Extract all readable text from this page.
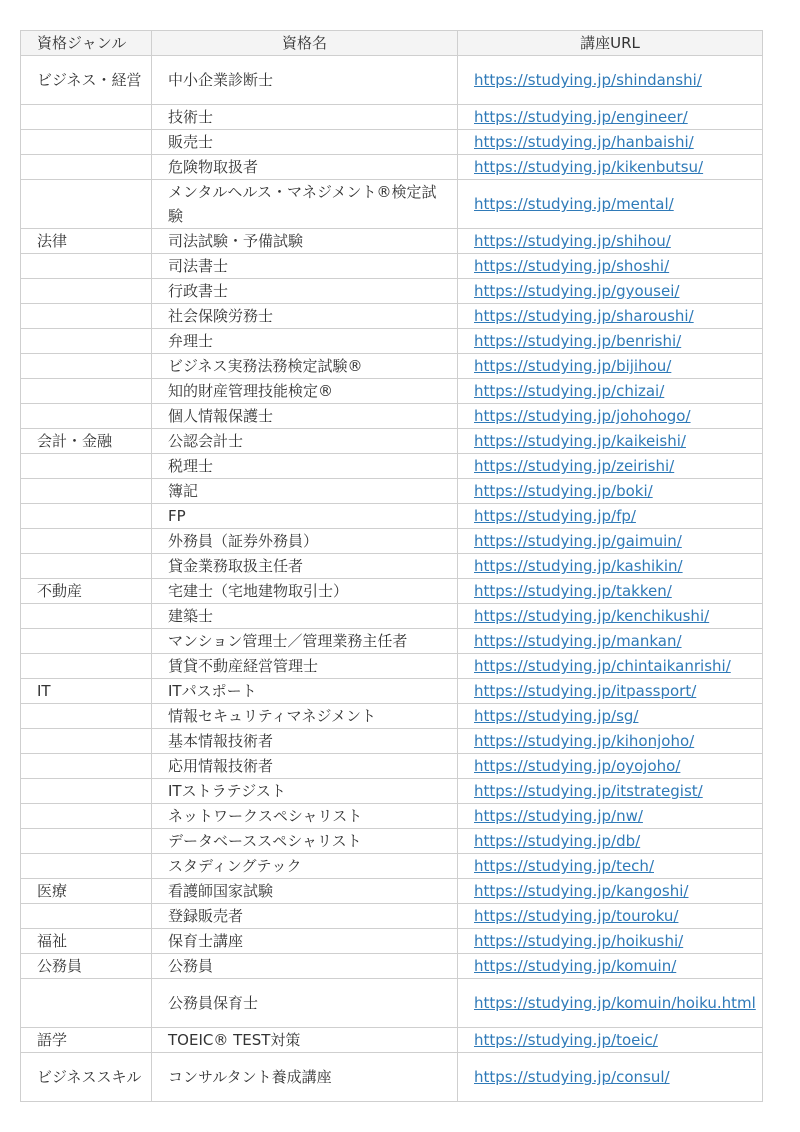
資格ジャンル	資格名	講座URL
ビジネス・経営	中小企業診断士	https://studying.jp/shindanshi/
	技術士	https://studying.jp/engineer/
	販売士	https://studying.jp/hanbaishi/
	危険物取扱者	https://studying.jp/kikenbutsu/
	メンタルヘルス・マネジメント®検定試験	https://studying.jp/mental/
法律	司法試験・予備試験	https://studying.jp/shihou/
	司法書士	https://studying.jp/shoshi/
	行政書士	https://studying.jp/gyousei/
	社会保険労務士	https://studying.jp/sharoushi/
	弁理士	https://studying.jp/benrishi/
	ビジネス実務法務検定試験®	https://studying.jp/bijihou/
	知的財産管理技能検定®	https://studying.jp/chizai/
	個人情報保護士	https://studying.jp/johohogo/
会計・金融	公認会計士	https://studying.jp/kaikeishi/
	税理士	https://studying.jp/zeirishi/
	簿記	https://studying.jp/boki/
	FP	https://studying.jp/fp/
	外務員（証券外務員）	https://studying.jp/gaimuin/
	貸金業務取扱主任者	https://studying.jp/kashikin/
不動産	宅建士（宅地建物取引士）	https://studying.jp/takken/
	建築士	https://studying.jp/kenchikushi/
	マンション管理士／管理業務主任者	https://studying.jp/mankan/
	賃貸不動産経営管理士	https://studying.jp/chintaikanrishi/
IT	ITパスポート	https://studying.jp/itpassport/
	情報セキュリティマネジメント	https://studying.jp/sg/
	基本情報技術者	https://studying.jp/kihonjoho/
	応用情報技術者	https://studying.jp/oyojoho/
	ITストラテジスト	https://studying.jp/itstrategist/
	ネットワークスペシャリスト	https://studying.jp/nw/
	データベーススペシャリスト	https://studying.jp/db/
	スタディングテック	https://studying.jp/tech/
医療	看護師国家試験	https://studying.jp/kangoshi/
	登録販売者	https://studying.jp/touroku/
福祉	保育士講座	https://studying.jp/hoikushi/
公務員	公務員	https://studying.jp/komuin/
	公務員保育士	https://studying.jp/komuin/hoiku.html
語学	TOEIC® TEST対策	https://studying.jp/toeic/
ビジネススキル	コンサルタント養成講座	https://studying.jp/consul/
